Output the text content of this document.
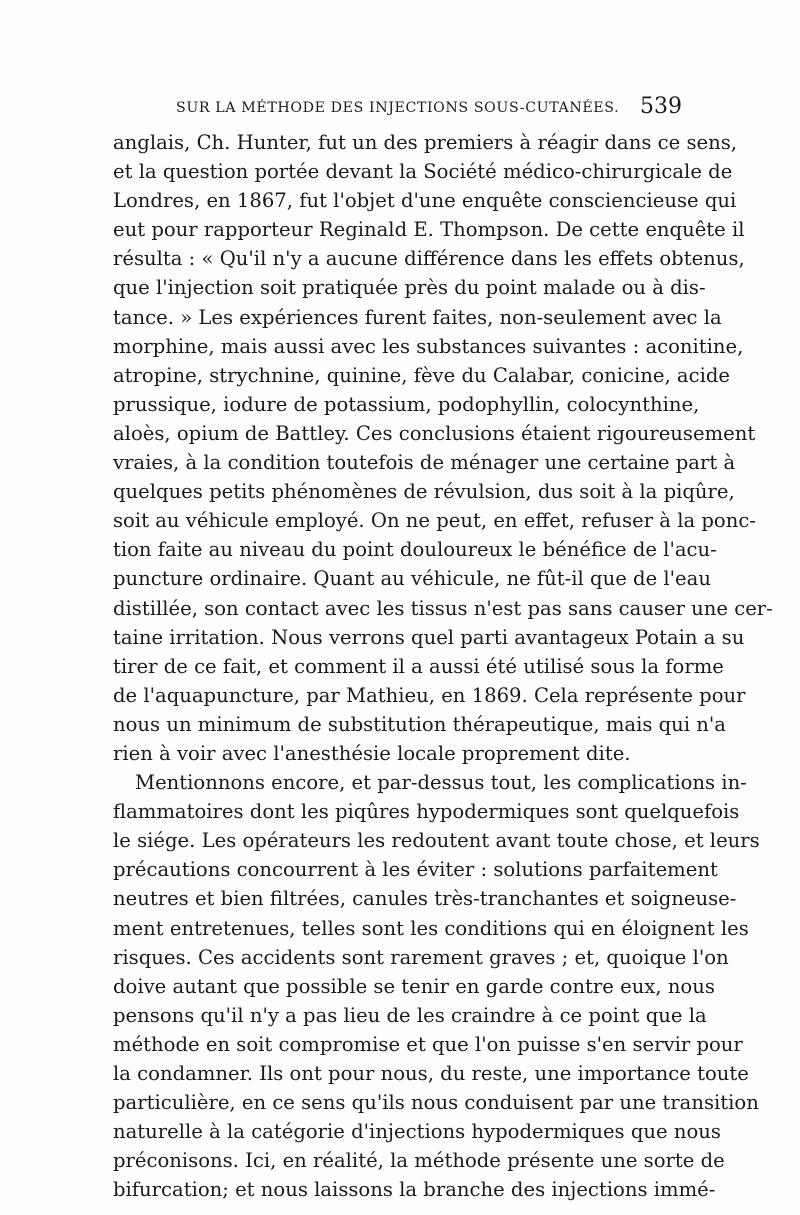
SUR LA MÉTHODE DES INJECTIONS SOUS-CUTANÉES. 539
anglais, Ch. Hunter, fut un des premiers à réagir dans ce sens,
et la question portée devant la Société médico-chirurgicale de
Londres, en 1867, fut l'objet d'une enquête consciencieuse qui
eut pour rapporteur Reginald E. Thompson. De cette enquête il
résulta : « Qu'il n'y a aucune différence dans les effets obtenus,
que l'injection soit pratiquée près du point malade ou à dis-
tance. » Les expériences furent faites, non-seulement avec la
morphine, mais aussi avec les substances suivantes : aconitine,
atropine, strychnine, quinine, fève du Calabar, conicine, acide
prussique, iodure de potassium, podophyllin, colocynthine,
aloès, opium de Battley. Ces conclusions étaient rigoureusement
vraies, à la condition toutefois de ménager une certaine part à
quelques petits phénomènes de révulsion, dus soit à la piqûre,
soit au véhicule employé. On ne peut, en effet, refuser à la ponc-
tion faite au niveau du point douloureux le bénéfice de l'acu-
puncture ordinaire. Quant au véhicule, ne fût-il que de l'eau
distillée, son contact avec les tissus n'est pas sans causer une cer-
taine irritation. Nous verrons quel parti avantageux Potain a su
tirer de ce fait, et comment il a aussi été utilisé sous la forme
de l'aquapuncture, par Mathieu, en 1869. Cela représente pour
nous un minimum de substitution thérapeutique, mais qui n'a
rien à voir avec l'anesthésie locale proprement dite.
Mentionnons encore, et par-dessus tout, les complications in-
flammatoires dont les piqûres hypodermiques sont quelquefois
le siége. Les opérateurs les redoutent avant toute chose, et leurs
précautions concourrent à les éviter : solutions parfaitement
neutres et bien filtrées, canules très-tranchantes et soigneuse-
ment entretenues, telles sont les conditions qui en éloignent les
risques. Ces accidents sont rarement graves ; et, quoique l'on
doive autant que possible se tenir en garde contre eux, nous
pensons qu'il n'y a pas lieu de les craindre à ce point que la
méthode en soit compromise et que l'on puisse s'en servir pour
la condamner. Ils ont pour nous, du reste, une importance toute
particulière, en ce sens qu'ils nous conduisent par une transition
naturelle à la catégorie d'injections hypodermiques que nous
préconisons. Ici, en réalité, la méthode présente une sorte de
bifurcation; et nous laissons la branche des injections immé-
